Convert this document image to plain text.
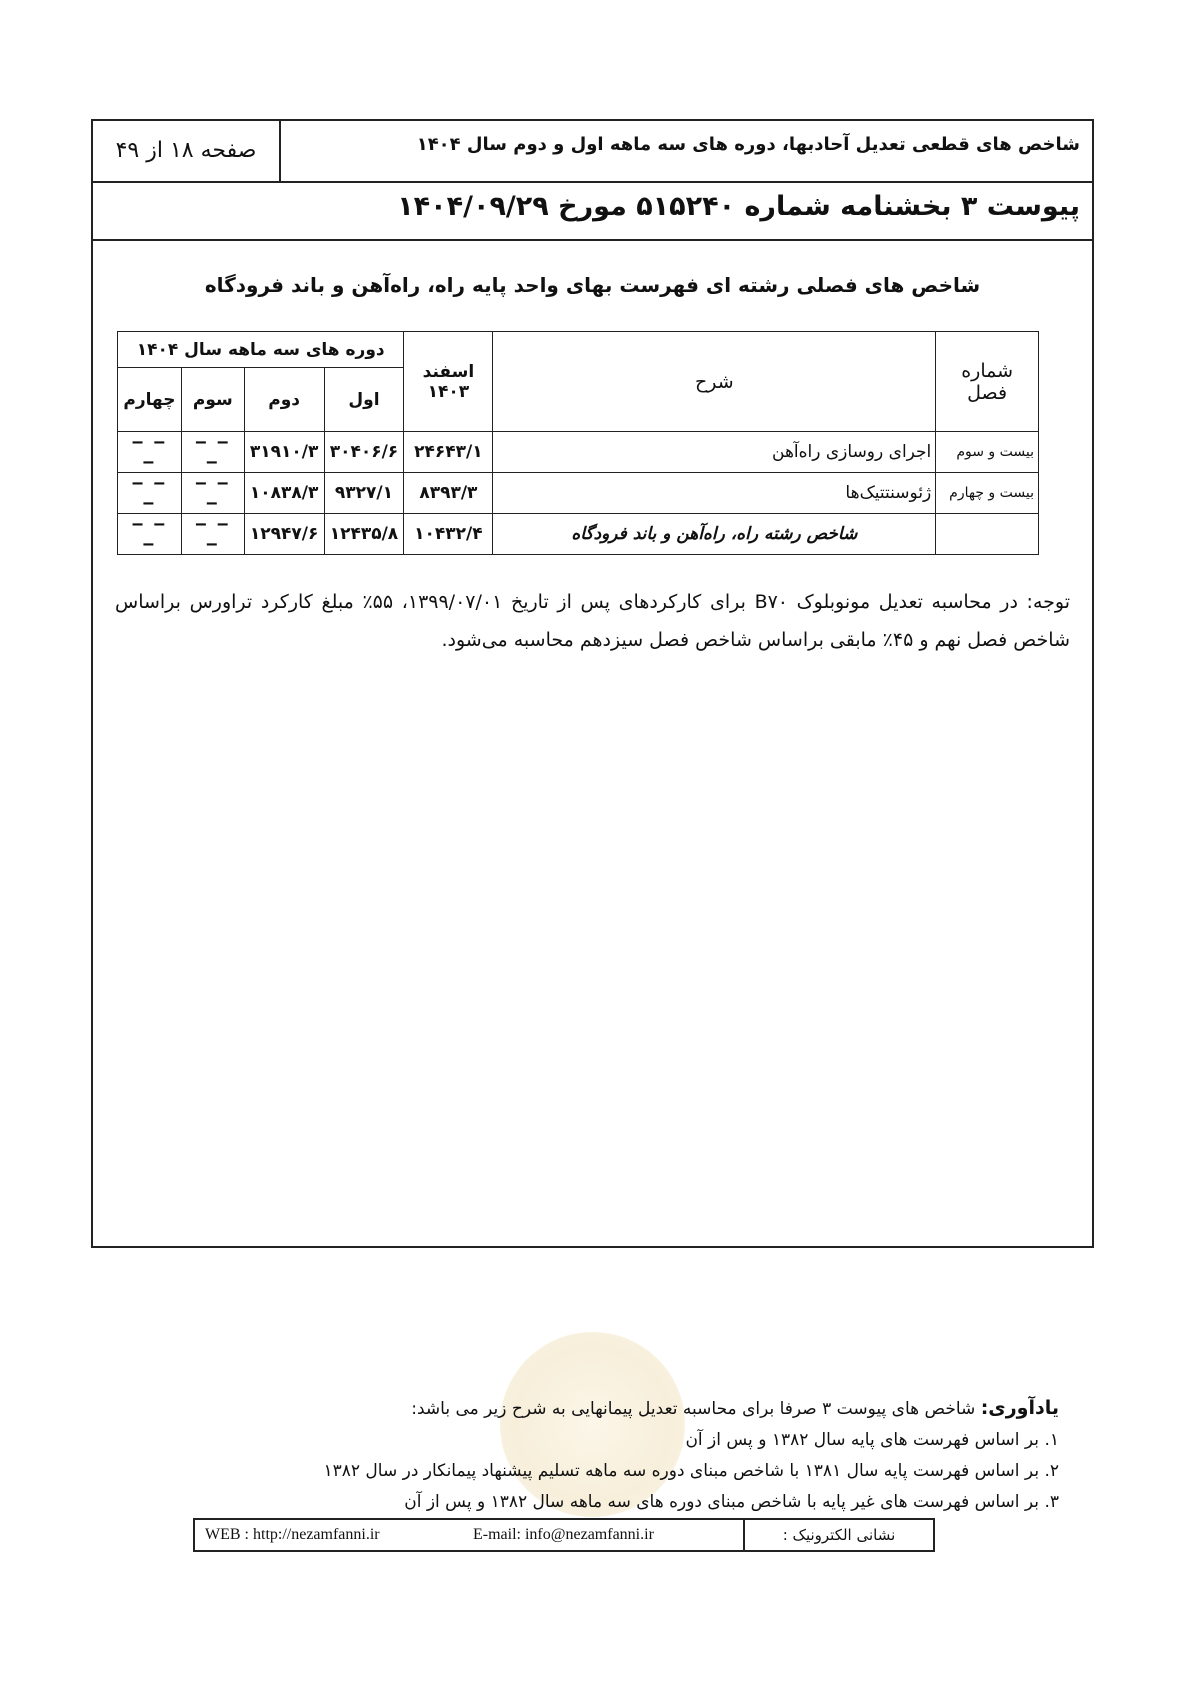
شاخص های قطعی تعدیل آحادبها، دوره های سه ماهه اول و دوم سال ۱۴۰۴
صفحه ۱۸ از ۴۹
پیوست ۳ بخشنامه شماره ۵۱۵۲۴۰ مورخ ۱۴۰۴/۰۹/۲۹
شاخص های فصلی رشته ای فهرست بهای واحد پایه راه، راه‌آهن و باند فرودگاه
شماره فصل	شرح	اسفند ۱۴۰۳	دوره های سه ماهه سال ۱۴۰۴			
			اول	دوم	سوم	چهارم
بیست و سوم	اجرای روسازی راه‌آهن	۲۴۶۴۳/۱	۳۰۴۰۶/۶	۳۱۹۱۰/۳	‒ ‒ ‒	‒ ‒ ‒
بیست و چهارم	ژئوسنتتیک‌ها	۸۳۹۳/۳	۹۳۲۷/۱	۱۰۸۳۸/۳	‒ ‒ ‒	‒ ‒ ‒
	شاخص رشته راه، راه‌آهن و باند فرودگاه	۱۰۴۳۲/۴	۱۲۴۳۵/۸	۱۲۹۴۷/۶	‒ ‒ ‒	‒ ‒ ‒
توجه: در محاسبه تعدیل مونوبلوک B۷۰ برای کارکردهای پس از تاریخ ۱۳۹۹/۰۷/۰۱، ۵۵٪ مبلغ کارکرد تراورس براساس شاخص فصل نهم و ۴۵٪ مابقی براساس شاخص فصل سیزدهم محاسبه می‌شود.
یادآوری: شاخص های پیوست ۳ صرفا برای محاسبه تعدیل پیمانهایی به شرح زیر می باشد:
۱. بر اساس فهرست های پایه سال ۱۳۸۲ و پس از آن
۲. بر اساس فهرست پایه سال ۱۳۸۱ با شاخص مبنای دوره سه ماهه تسلیم پیشنهاد پیمانکار در سال ۱۳۸۲
۳. بر اساس فهرست های غیر پایه با شاخص مبنای دوره های سه ماهه سال ۱۳۸۲ و پس از آن
نشانی الکترونیک :
E-mail: info@nezamfanni.ir
WEB : http://nezamfanni.ir
